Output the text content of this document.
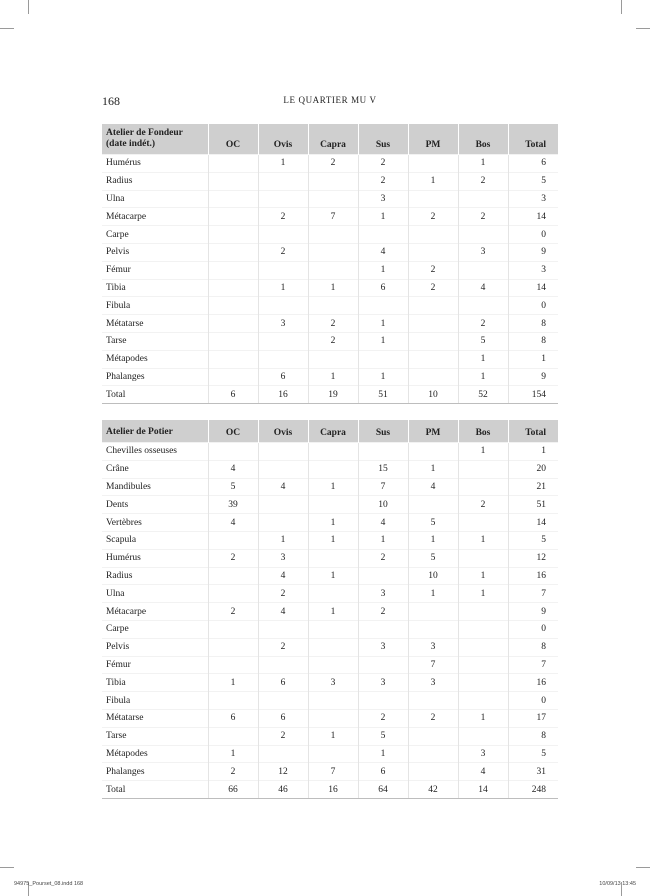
168	LE QUARTIER MU V
Atelier de Fondeur
(date indét.)	OC	Ovis	Capra	Sus	PM	Bos	Total
Humérus		1	2	2		1	6
Radius				2	1	2	5
Ulna				3			3
Métacarpe		2	7	1	2	2	14
Carpe							0
Pelvis		2		4		3	9
Fémur				1	2		3
Tibia		1	1	6	2	4	14
Fibula							0
Métatarse		3	2	1		2	8
Tarse			2	1		5	8
Métapodes						1	1
Phalanges		6	1	1		1	9
Total	6	16	19	51	10	52	154
Atelier de Potier	OC	Ovis	Capra	Sus	PM	Bos	Total
Chevilles osseuses						1	1
Crâne	4			15	1		20
Mandibules	5	4	1	7	4		21
Dents	39			10		2	51
Vertèbres	4		1	4	5		14
Scapula		1	1	1	1	1	5
Humérus	2	3		2	5		12
Radius		4	1		10	1	16
Ulna		2		3	1	1	7
Métacarpe	2	4	1	2			9
Carpe							0
Pelvis		2		3	3		8
Fémur					7		7
Tibia	1	6	3	3	3		16
Fibula							0
Métatarse	6	6		2	2	1	17
Tarse		2	1	5			8
Métapodes	1			1		3	5
Phalanges	2	12	7	6		4	31
Total	66	46	16	64	42	14	248
94975_Pourset_08.indd 168	10/09/13 13:45
